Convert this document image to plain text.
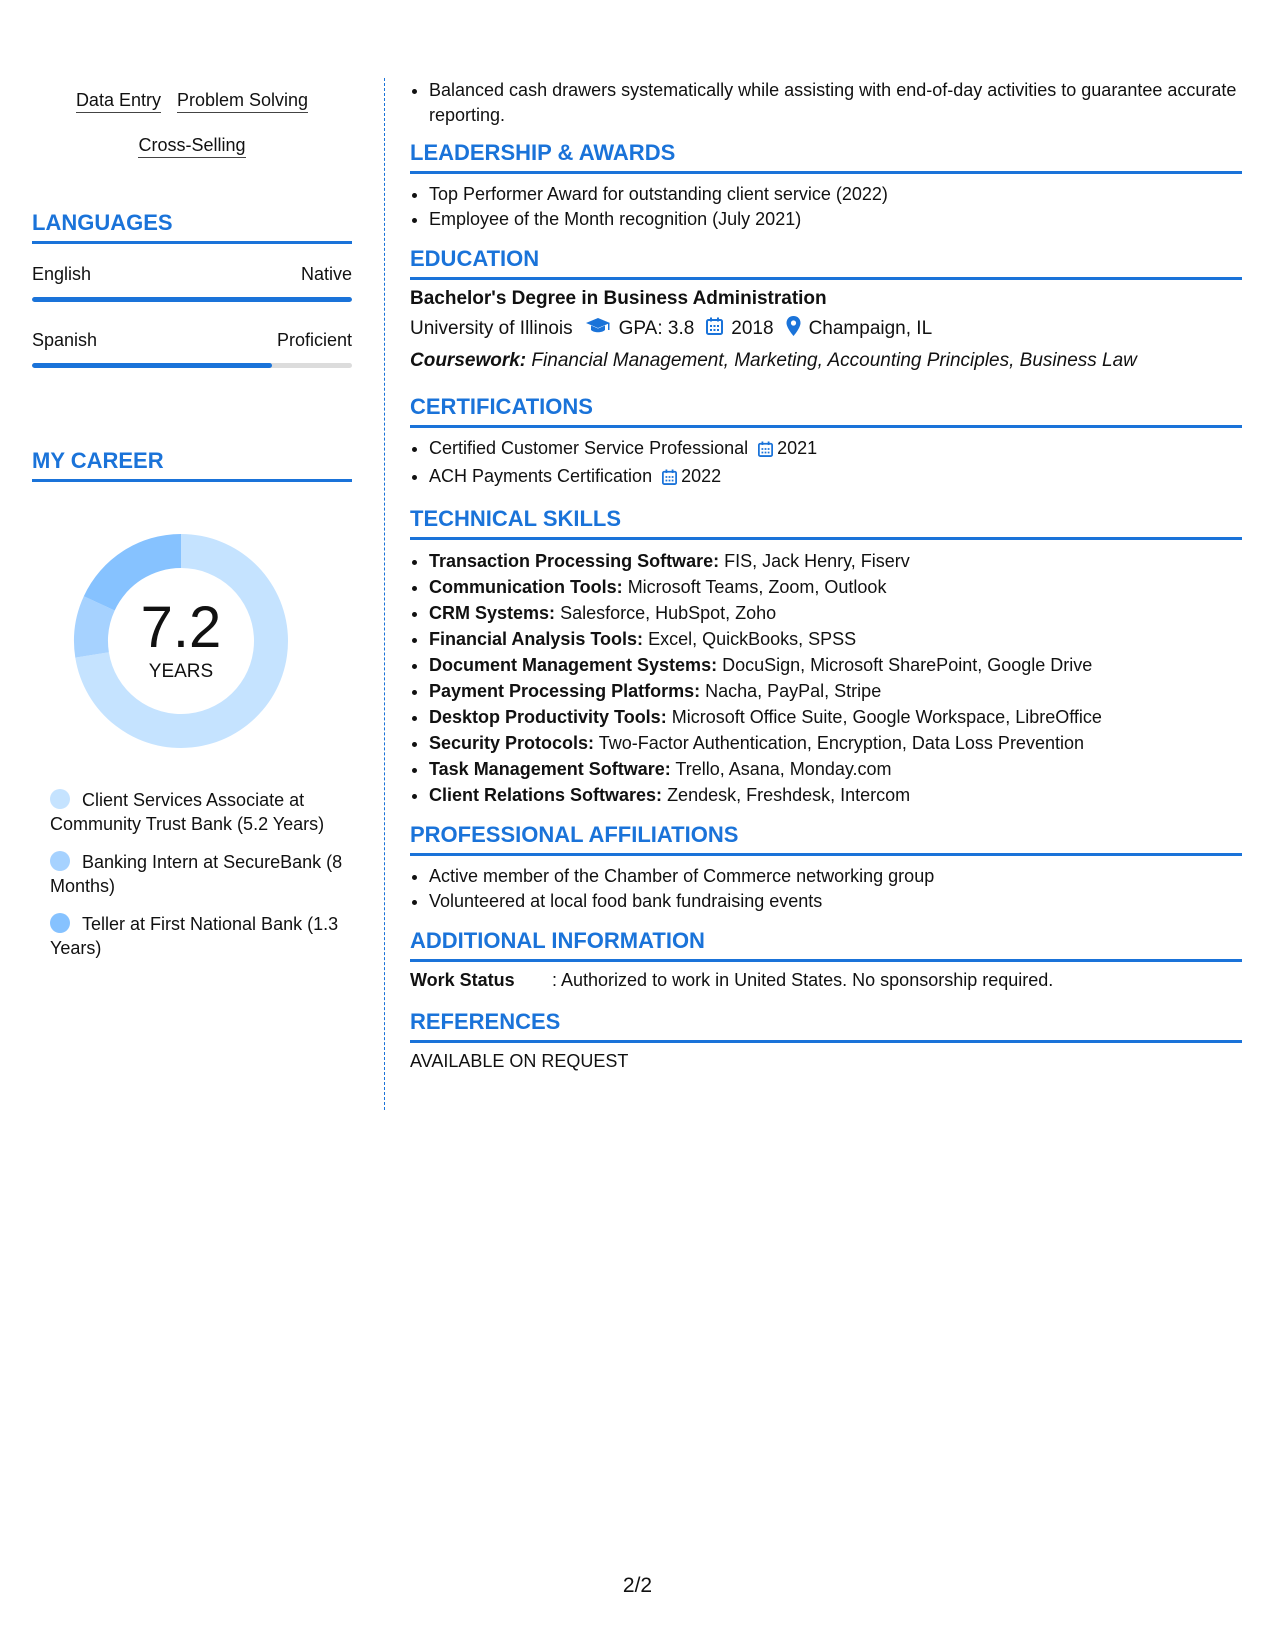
Data Entry Problem Solving
Cross-Selling
LANGUAGES
English	Native
Spanish	Proficient
MY CAREER
7.2
YEARS
Client Services Associate at Community Trust Bank (5.2 Years)
Banking Intern at SecureBank (8 Months)
Teller at First National Bank (1.3 Years)
• Balanced cash drawers systematically while assisting with end-of-day activities to guarantee accurate reporting.
LEADERSHIP & AWARDS
• Top Performer Award for outstanding client service (2022)
• Employee of the Month recognition (July 2021)
EDUCATION
Bachelor's Degree in Business Administration
University of Illinois GPA: 3.8 2018 Champaign, IL
Coursework: Financial Management, Marketing, Accounting Principles, Business Law
CERTIFICATIONS
• Certified Customer Service Professional 2021
• ACH Payments Certification 2022
TECHNICAL SKILLS
• Transaction Processing Software: FIS, Jack Henry, Fiserv
• Communication Tools: Microsoft Teams, Zoom, Outlook
• CRM Systems: Salesforce, HubSpot, Zoho
• Financial Analysis Tools: Excel, QuickBooks, SPSS
• Document Management Systems: DocuSign, Microsoft SharePoint, Google Drive
• Payment Processing Platforms: Nacha, PayPal, Stripe
• Desktop Productivity Tools: Microsoft Office Suite, Google Workspace, LibreOffice
• Security Protocols: Two-Factor Authentication, Encryption, Data Loss Prevention
• Task Management Software: Trello, Asana, Monday.com
• Client Relations Softwares: Zendesk, Freshdesk, Intercom
PROFESSIONAL AFFILIATIONS
• Active member of the Chamber of Commerce networking group
• Volunteered at local food bank fundraising events
ADDITIONAL INFORMATION
Work Status	: Authorized to work in United States. No sponsorship required.
REFERENCES
AVAILABLE ON REQUEST
2/2
